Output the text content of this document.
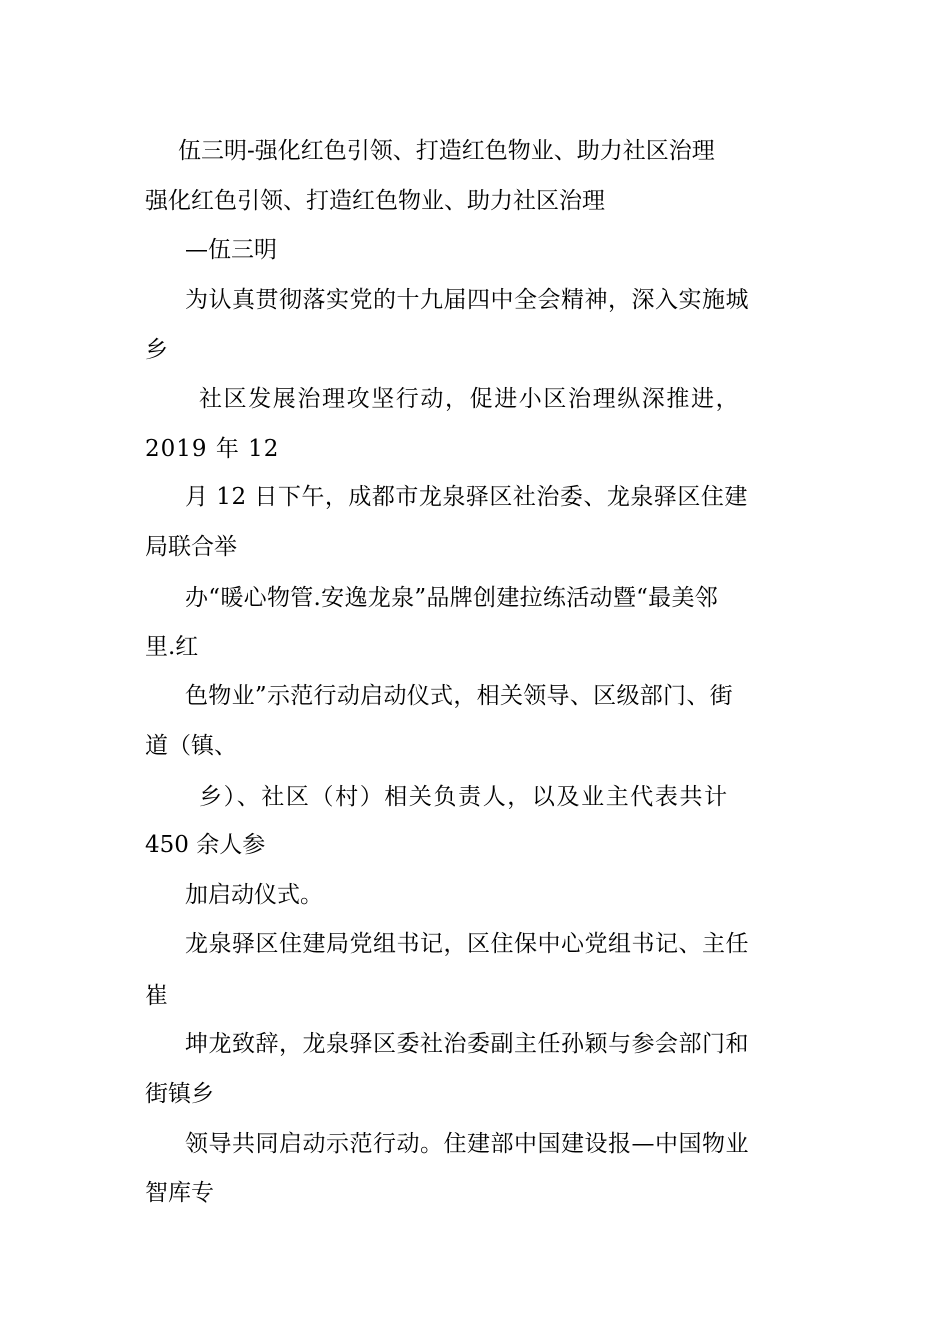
伍三明-强化红色引领、打造红色物业、助力社区治理
强化红色引领、打造红色物业、助力社区治理
—伍三明
为认真贯彻落实党的十九届四中全会精神，深入实施城
乡
社区发展治理攻坚行动，促进小区治理纵深推进，
2019 年 12
月 12 日下午，成都市龙泉驿区社治委、龙泉驿区住建
局联合举
办“暖心物管.安逸龙泉”品牌创建拉练活动暨“最美邻
里.红
色物业”示范行动启动仪式，相关领导、区级部门、街
道（镇、
乡）、社区（村）相关负责人，以及业主代表共计
450 余人参
加启动仪式。
龙泉驿区住建局党组书记，区住保中心党组书记、主任
崔
坤龙致辞，龙泉驿区委社治委副主任孙颖与参会部门和
街镇乡
领导共同启动示范行动。住建部中国建设报—中国物业
智库专
